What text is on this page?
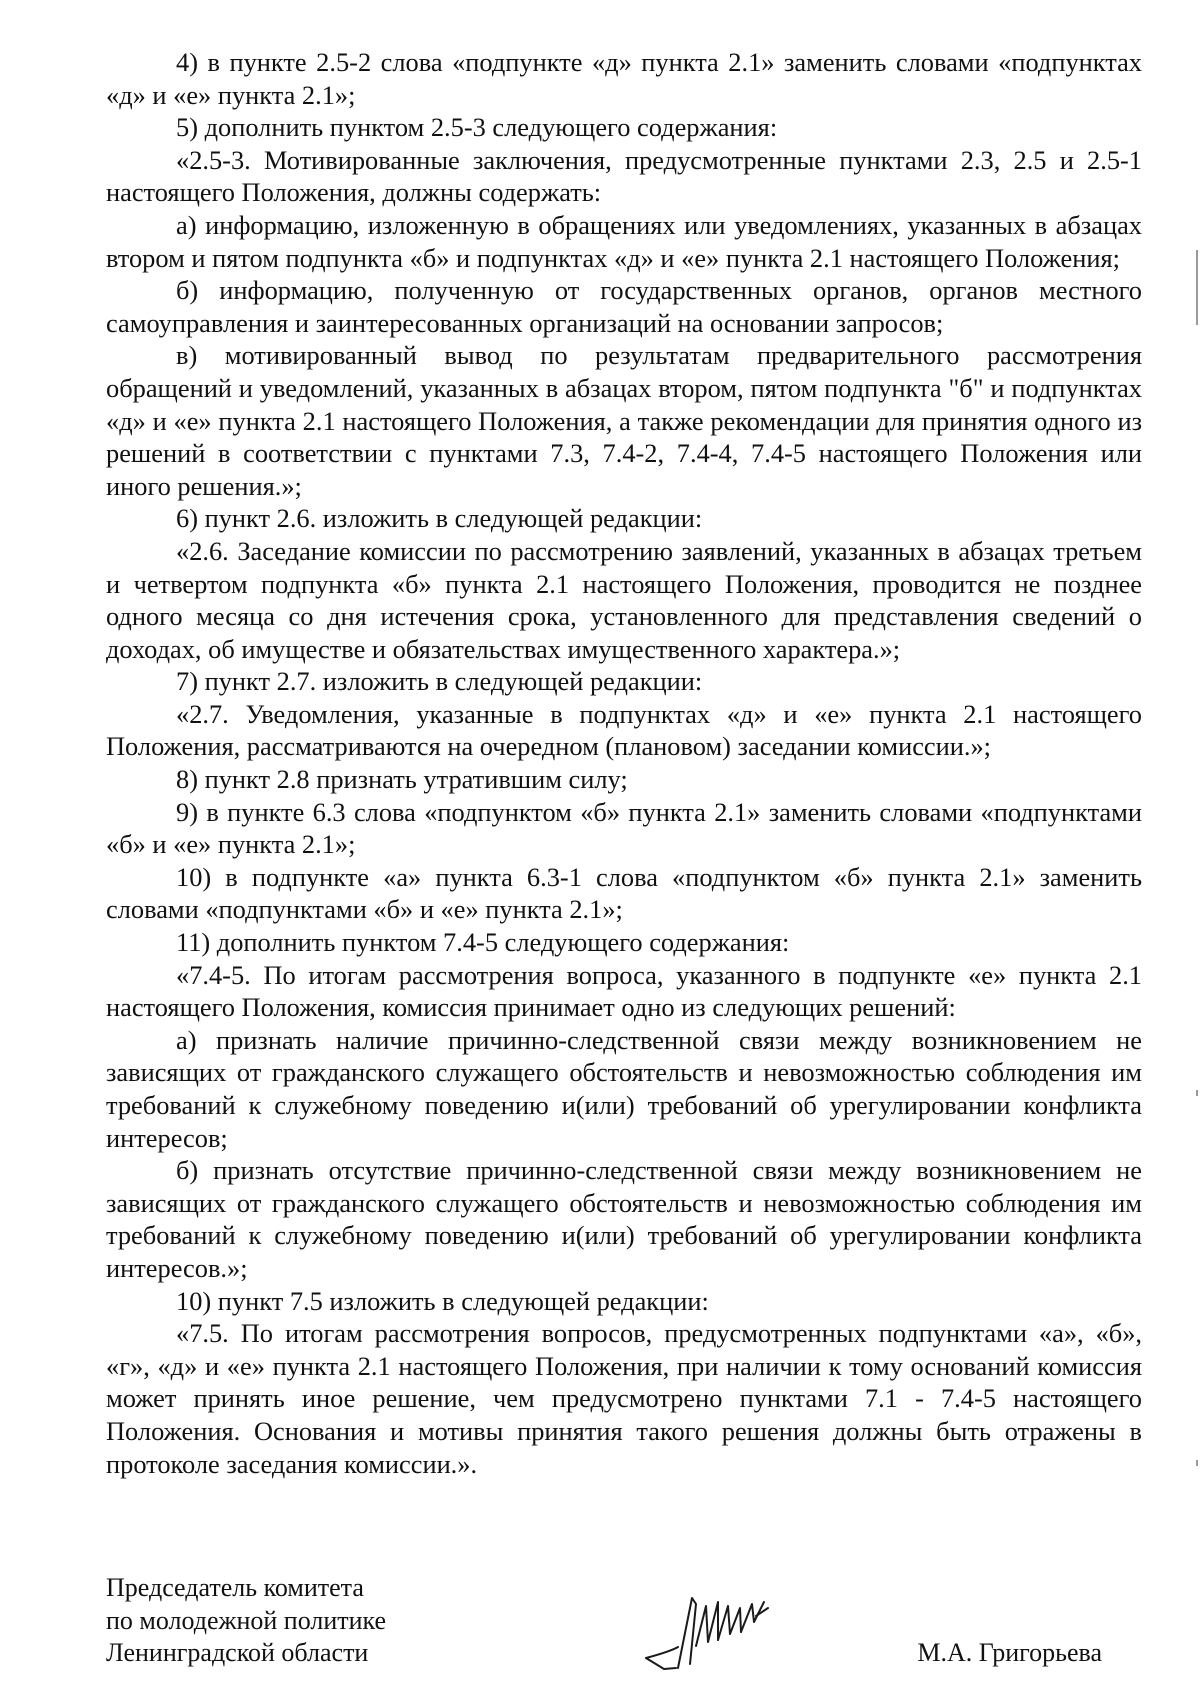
4) в пункте 2.5-2 слова «подпункте «д» пункта 2.1» заменить словами «подпунктах «д» и «е» пункта 2.1»;

5) дополнить пунктом 2.5-3 следующего содержания:

«2.5-3. Мотивированные заключения, предусмотренные пунктами 2.3, 2.5 и 2.5-1 настоящего Положения, должны содержать:

а) информацию, изложенную в обращениях или уведомлениях, указанных в абзацах втором и пятом подпункта «б» и подпунктах «д» и «е» пункта 2.1 настоящего Положения;

б) информацию, полученную от государственных органов, органов местного самоуправления и заинтересованных организаций на основании запросов;

в) мотивированный вывод по результатам предварительного рассмотрения обращений и уведомлений, указанных в абзацах втором, пятом подпункта "б" и подпунктах «д» и «е» пункта 2.1 настоящего Положения, а также рекомендации для принятия одного из решений в соответствии с пунктами 7.3, 7.4-2, 7.4-4, 7.4-5 настоящего Положения или иного решения.»;

6) пункт 2.6. изложить в следующей редакции:

«2.6. Заседание комиссии по рассмотрению заявлений, указанных в абзацах третьем и четвертом подпункта «б» пункта 2.1 настоящего Положения, проводится не позднее одного месяца со дня истечения срока, установленного для представления сведений о доходах, об имуществе и обязательствах имущественного характера.»;

7) пункт 2.7. изложить в следующей редакции:

«2.7. Уведомления, указанные в подпунктах «д» и «е» пункта 2.1 настоящего Положения, рассматриваются на очередном (плановом) заседании комиссии.»;

8) пункт 2.8 признать утратившим силу;

9) в пункте 6.3 слова «подпунктом «б» пункта 2.1» заменить словами «подпунктами «б» и «е» пункта 2.1»;

10) в подпункте «а» пункта 6.3-1 слова «подпунктом «б» пункта 2.1» заменить словами «подпунктами «б» и «е» пункта 2.1»;

11) дополнить пунктом 7.4-5 следующего содержания:

«7.4-5. По итогам рассмотрения вопроса, указанного в подпункте «е» пункта 2.1 настоящего Положения, комиссия принимает одно из следующих решений:

а) признать наличие причинно-следственной связи между возникновением не зависящих от гражданского служащего обстоятельств и невозможностью соблюдения им требований к служебному поведению и(или) требований об урегулировании конфликта интересов;

б) признать отсутствие причинно-следственной связи между возникновением не зависящих от гражданского служащего обстоятельств и невозможностью соблюдения им требований к служебному поведению и(или) требований об урегулировании конфликта интересов.»;

10) пункт 7.5 изложить в следующей редакции:

«7.5. По итогам рассмотрения вопросов, предусмотренных подпунктами «а», «б», «г», «д» и «е» пункта 2.1 настоящего Положения, при наличии к тому оснований комиссия может принять иное решение, чем предусмотрено пунктами 7.1 - 7.4-5 настоящего Положения. Основания и мотивы принятия такого решения должны быть отражены в протоколе заседания комиссии.».

Председатель комитета
по молодежной политике
Ленинградской области	М.А. Григорьева
